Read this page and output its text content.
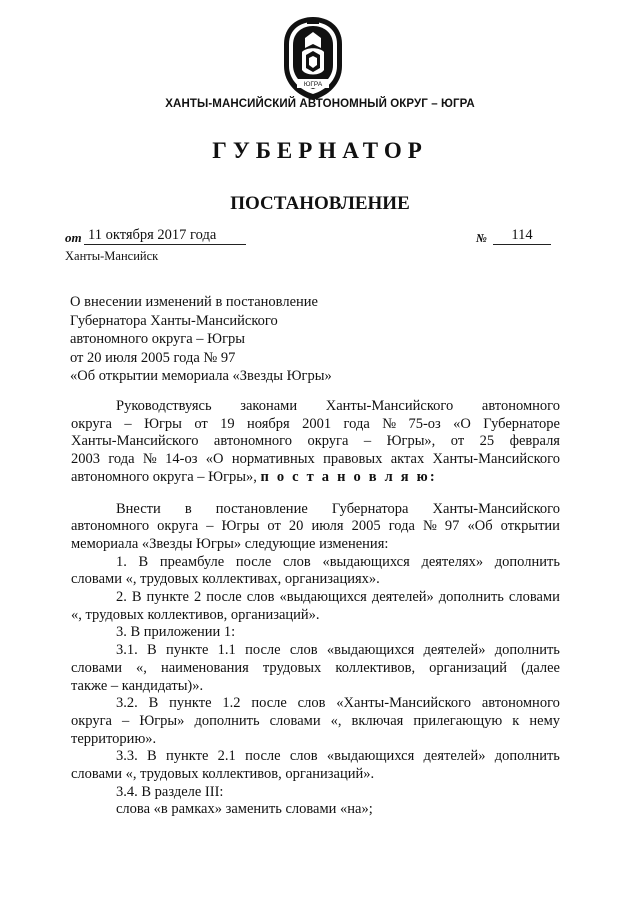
ЮГРА
ХАНТЫ-МАНСИЙСКИЙ АВТОНОМНЫЙ ОКРУГ – ЮГРА
ГУБЕРНАТОР
ПОСТАНОВЛЕНИЕ
от 11 октября 2017 года	№	114
Ханты-Мансийск
О внесении изменений в постановление
Губернатора Ханты-Мансийского
автономного округа – Югры
от 20 июля 2005 года № 97
«Об открытии мемориала «Звезды Югры»
Руководствуясь законами Ханты-Мансийского автономного
округа – Югры от 19 ноября 2001 года № 75-оз «О Губернаторе
Ханты-Мансийского автономного округа – Югры», от 25 февраля
2003 года № 14-оз «О нормативных правовых актах Ханты-Мансийского
автономного округа – Югры», п о с т а н о в л я ю:
Внести в постановление Губернатора Ханты-Мансийского
автономного округа – Югры от 20 июля 2005 года № 97 «Об открытии
мемориала «Звезды Югры» следующие изменения:
1. В преамбуле после слов «выдающихся деятелях» дополнить
словами «, трудовых коллективах, организациях».
2. В пункте 2 после слов «выдающихся деятелей» дополнить словами
«, трудовых коллективов, организаций».
3. В приложении 1:
3.1. В пункте 1.1 после слов «выдающихся деятелей» дополнить
словами «, наименования трудовых коллективов, организаций (далее
также – кандидаты)».
3.2. В пункте 1.2 после слов «Ханты-Мансийского автономного
округа – Югры» дополнить словами «, включая прилегающую к нему
территорию».
3.3. В пункте 2.1 после слов «выдающихся деятелей» дополнить
словами «, трудовых коллективов, организаций».
3.4. В разделе III:
слова «в рамках» заменить словами «на»;
